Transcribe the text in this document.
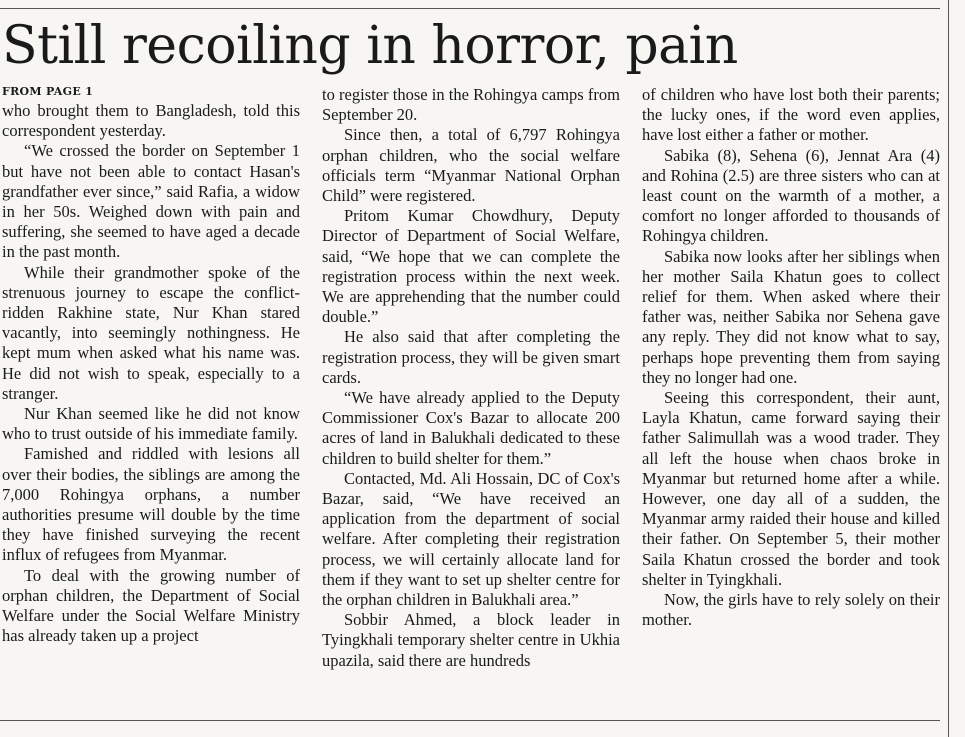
Still recoiling in horror, pain
FROM PAGE 1

who brought them to Bangladesh, told this correspondent yesterday.

“We crossed the border on September 1 but have not been able to contact Hasan's grandfather ever since,” said Rafia, a widow in her 50s. Weighed down with pain and suffering, she seemed to have aged a decade in the past month.

While their grandmother spoke of the strenuous journey to escape the conflict-ridden Rakhine state, Nur Khan stared vacantly, into seemingly nothingness. He kept mum when asked what his name was. He did not wish to speak, especially to a stranger.

Nur Khan seemed like he did not know who to trust outside of his immediate family.

Famished and riddled with lesions all over their bodies, the siblings are among the 7,000 Rohingya orphans, a number authorities presume will double by the time they have finished surveying the recent influx of refugees from Myanmar.

To deal with the growing number of orphan children, the Department of Social Welfare under the Social Welfare Ministry has already taken up a project

to register those in the Rohingya camps from September 20.

Since then, a total of 6,797 Rohingya orphan children, who the social welfare officials term “Myanmar National Orphan Child” were registered.

Pritom Kumar Chowdhury, Deputy Director of Department of Social Welfare, said, “We hope that we can complete the registration process within the next week. We are apprehending that the number could double.”

He also said that after completing the registration process, they will be given smart cards.

“We have already applied to the Deputy Commissioner Cox's Bazar to allocate 200 acres of land in Balukhali dedicated to these children to build shelter for them.”

Contacted, Md. Ali Hossain, DC of Cox's Bazar, said, “We have received an application from the department of social welfare. After completing their registration process, we will certainly allocate land for them if they want to set up shelter centre for the orphan children in Balukhali area.”

Sobbir Ahmed, a block leader in Tyingkhali temporary shelter centre in Ukhia upazila, said there are hundreds

of children who have lost both their parents; the lucky ones, if the word even applies, have lost either a father or mother.

Sabika (8), Sehena (6), Jennat Ara (4) and Rohina (2.5) are three sisters who can at least count on the warmth of a mother, a comfort no longer afforded to thousands of Rohingya children.

Sabika now looks after her siblings when her mother Saila Khatun goes to collect relief for them. When asked where their father was, neither Sabika nor Sehena gave any reply. They did not know what to say, perhaps hope preventing them from saying they no longer had one.

Seeing this correspondent, their aunt, Layla Khatun, came forward saying their father Salimullah was a wood trader. They all left the house when chaos broke in Myanmar but returned home after a while. However, one day all of a sudden, the Myanmar army raided their house and killed their father. On September 5, their mother Saila Khatun crossed the border and took shelter in Tyingkhali.

Now, the girls have to rely solely on their mother.
